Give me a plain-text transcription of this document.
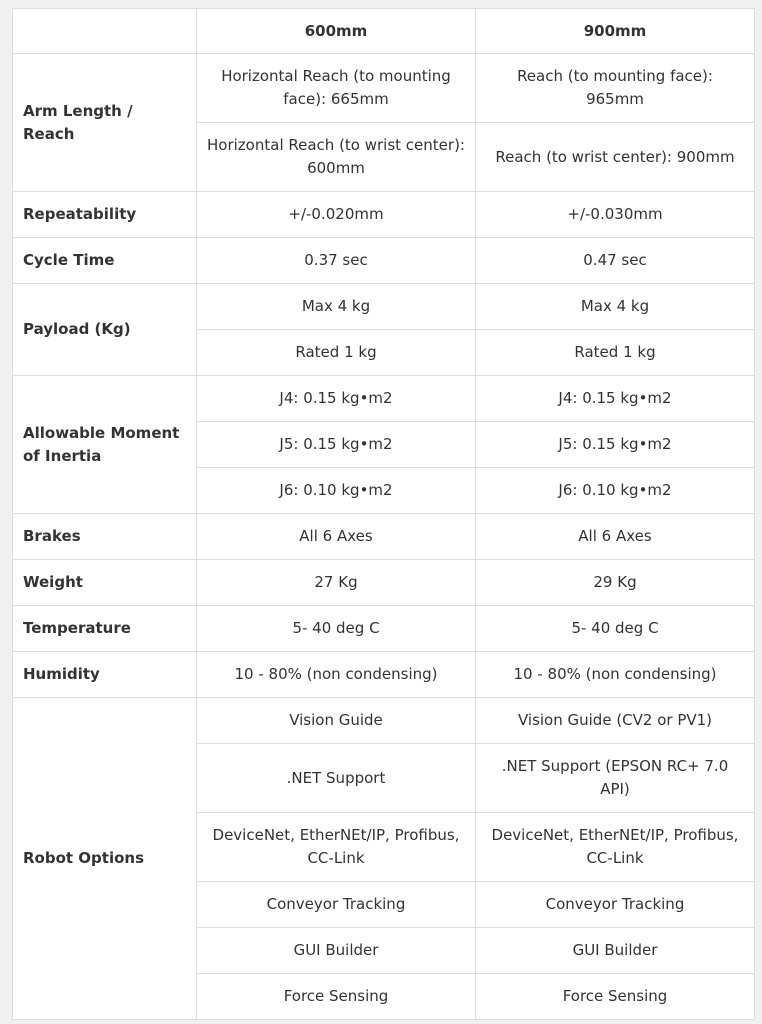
	600mm	900mm
Arm Length / Reach	Horizontal Reach (to mounting face): 665mm	Reach (to mounting face): 965mm
	Horizontal Reach (to wrist center): 600mm	Reach (to wrist center): 900mm
Repeatability	+/-0.020mm	+/-0.030mm
Cycle Time	0.37 sec	0.47 sec
Payload (Kg)	Max 4 kg	Max 4 kg
	Rated 1 kg	Rated 1 kg
Allowable Moment of Inertia	J4: 0.15 kg•m2	J4: 0.15 kg•m2
	J5: 0.15 kg•m2	J5: 0.15 kg•m2
	J6: 0.10 kg•m2	J6: 0.10 kg•m2
Brakes	All 6 Axes	All 6 Axes
Weight	27 Kg	29 Kg
Temperature	5- 40 deg C	5- 40 deg C
Humidity	10 - 80% (non condensing)	10 - 80% (non condensing)
Robot Options	Vision Guide	Vision Guide (CV2 or PV1)
	.NET Support	.NET Support (EPSON RC+ 7.0 API)
	DeviceNet, EtherNEt/IP, Profibus, CC-Link	DeviceNet, EtherNEt/IP, Profibus, CC-Link
	Conveyor Tracking	Conveyor Tracking
	GUI Builder	GUI Builder
	Force Sensing	Force Sensing
